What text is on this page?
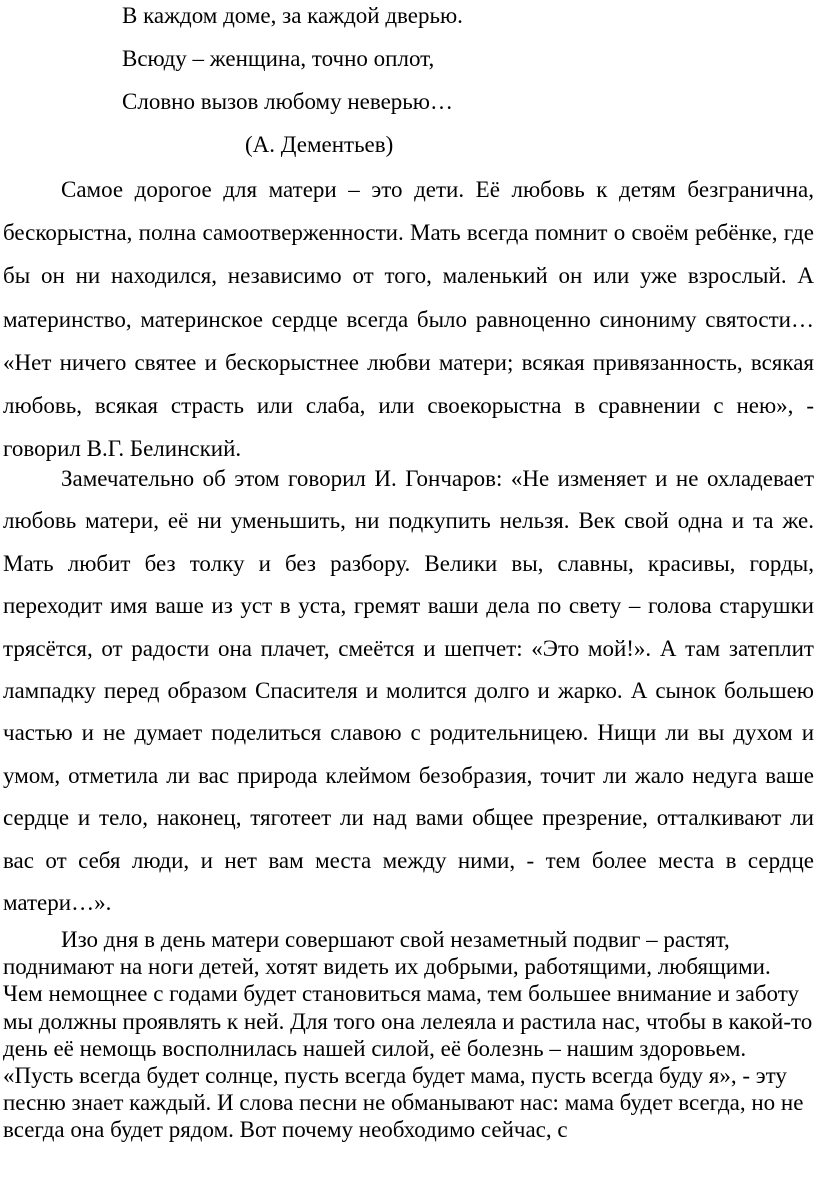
В каждом доме, за каждой дверью.
Всюду – женщина, точно оплот,
Словно вызов любому неверью…
(А. Дементьев)

Самое дорогое для матери – это дети. Её любовь к детям безгранична, бескорыстна, полна самоотверженности. Мать всегда помнит о своём ребёнке, где бы он ни находился, независимо от того, маленький он или уже взрослый. А материнство, материнское сердце всегда было равноценно синониму святости… «Нет ничего святее и бескорыстнее любви матери; всякая привязанность, всякая любовь, всякая страсть или слаба, или своекорыстна в сравнении с нею», - говорил В.Г. Белинский.

Замечательно об этом говорил И. Гончаров: «Не изменяет и не охладевает любовь матери, её ни уменьшить, ни подкупить нельзя. Век свой одна и та же. Мать любит без толку и без разбору. Велики вы, славны, красивы, горды, переходит имя ваше из уст в уста, гремят ваши дела по свету – голова старушки трясётся, от радости она плачет, смеётся и шепчет: «Это мой!». А там затеплит лампадку перед образом Спасителя и молится долго и жарко. А сынок большею частью и не думает поделиться славою с родительницею. Нищи ли вы духом и умом, отметила ли вас природа клеймом безобразия, точит ли жало недуга ваше сердце и тело, наконец, тяготеет ли над вами общее презрение, отталкивают ли вас от себя люди, и нет вам места между ними, - тем более места в сердце матери…».

Изо дня в день матери совершают свой незаметный подвиг – растят, поднимают на ноги детей, хотят видеть их добрыми, работящими, любящими. Чем немощнее с годами будет становиться мама, тем большее внимание и заботу мы должны проявлять к ней. Для того она лелеяла и растила нас, чтобы в какой-то день её немощь восполнилась нашей силой, её болезнь – нашим здоровьем. «Пусть всегда будет солнце, пусть всегда будет мама, пусть всегда буду я», - эту песню знает каждый. И слова песни не обманывают нас: мама будет всегда, но не всегда она будет рядом. Вот почему необходимо сейчас, с
